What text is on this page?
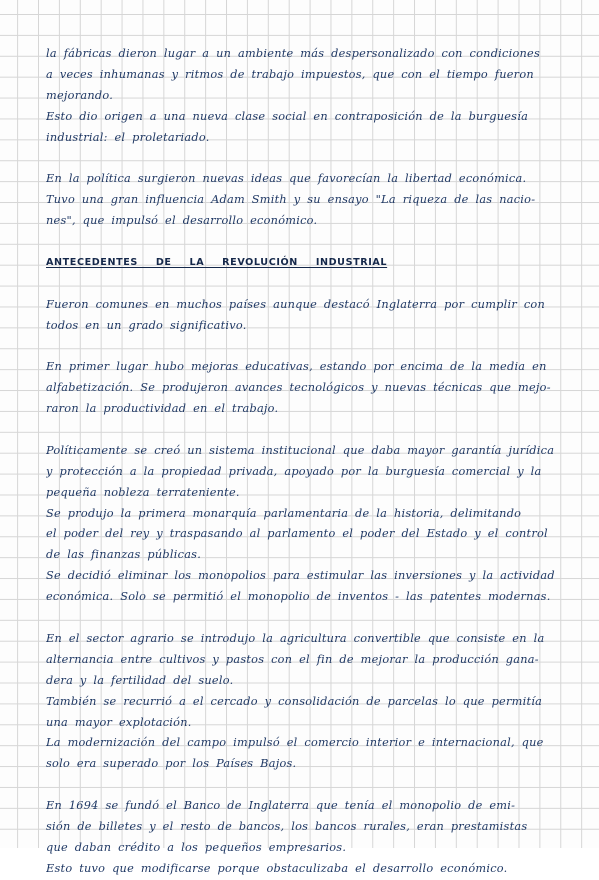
la fábricas dieron lugar a un ambiente más despersonalizado con condiciones
a veces inhumanas y ritmos de trabajo impuestos, que con el tiempo fueron
mejorando.
Esto dio origen a una nueva clase social en contraposición de la burguesía
industrial: el proletariado.
En la política surgieron nuevas ideas que favorecían la libertad económica.
Tuvo una gran influencia Adam Smith y su ensayo "La riqueza de las nacio-
nes", que impulsó el desarrollo económico.
ANTECEDENTES DE LA REVOLUCIÓN INDUSTRIAL
Fueron comunes en muchos países aunque destacó Inglaterra por cumplir con
todos en un grado significativo.
En primer lugar hubo mejoras educativas, estando por encima de la media en
alfabetización. Se produjeron avances tecnológicos y nuevas técnicas que mejo-
raron la productividad en el trabajo.
Políticamente se creó un sistema institucional que daba mayor garantía jurídica
y protección a la propiedad privada, apoyado por la burguesía comercial y la
pequeña nobleza terrateniente.
Se produjo la primera monarquía parlamentaria de la historia, delimitando
el poder del rey y traspasando al parlamento el poder del Estado y el control
de las finanzas públicas.
Se decidió eliminar los monopolios para estimular las inversiones y la actividad
económica. Solo se permitió el monopolio de inventos - las patentes modernas.
En el sector agrario se introdujo la agricultura convertible que consiste en la
alternancia entre cultivos y pastos con el fin de mejorar la producción gana-
dera y la fertilidad del suelo.
También se recurrió a el cercado y consolidación de parcelas lo que permitía
una mayor explotación.
La modernización del campo impulsó el comercio interior e internacional, que
solo era superado por los Países Bajos.
En 1694 se fundó el Banco de Inglaterra que tenía el monopolio de emi-
sión de billetes y el resto de bancos, los bancos rurales, eran prestamistas
que daban crédito a los pequeños empresarios.
Esto tuvo que modificarse porque obstaculizaba el desarrollo económico.
